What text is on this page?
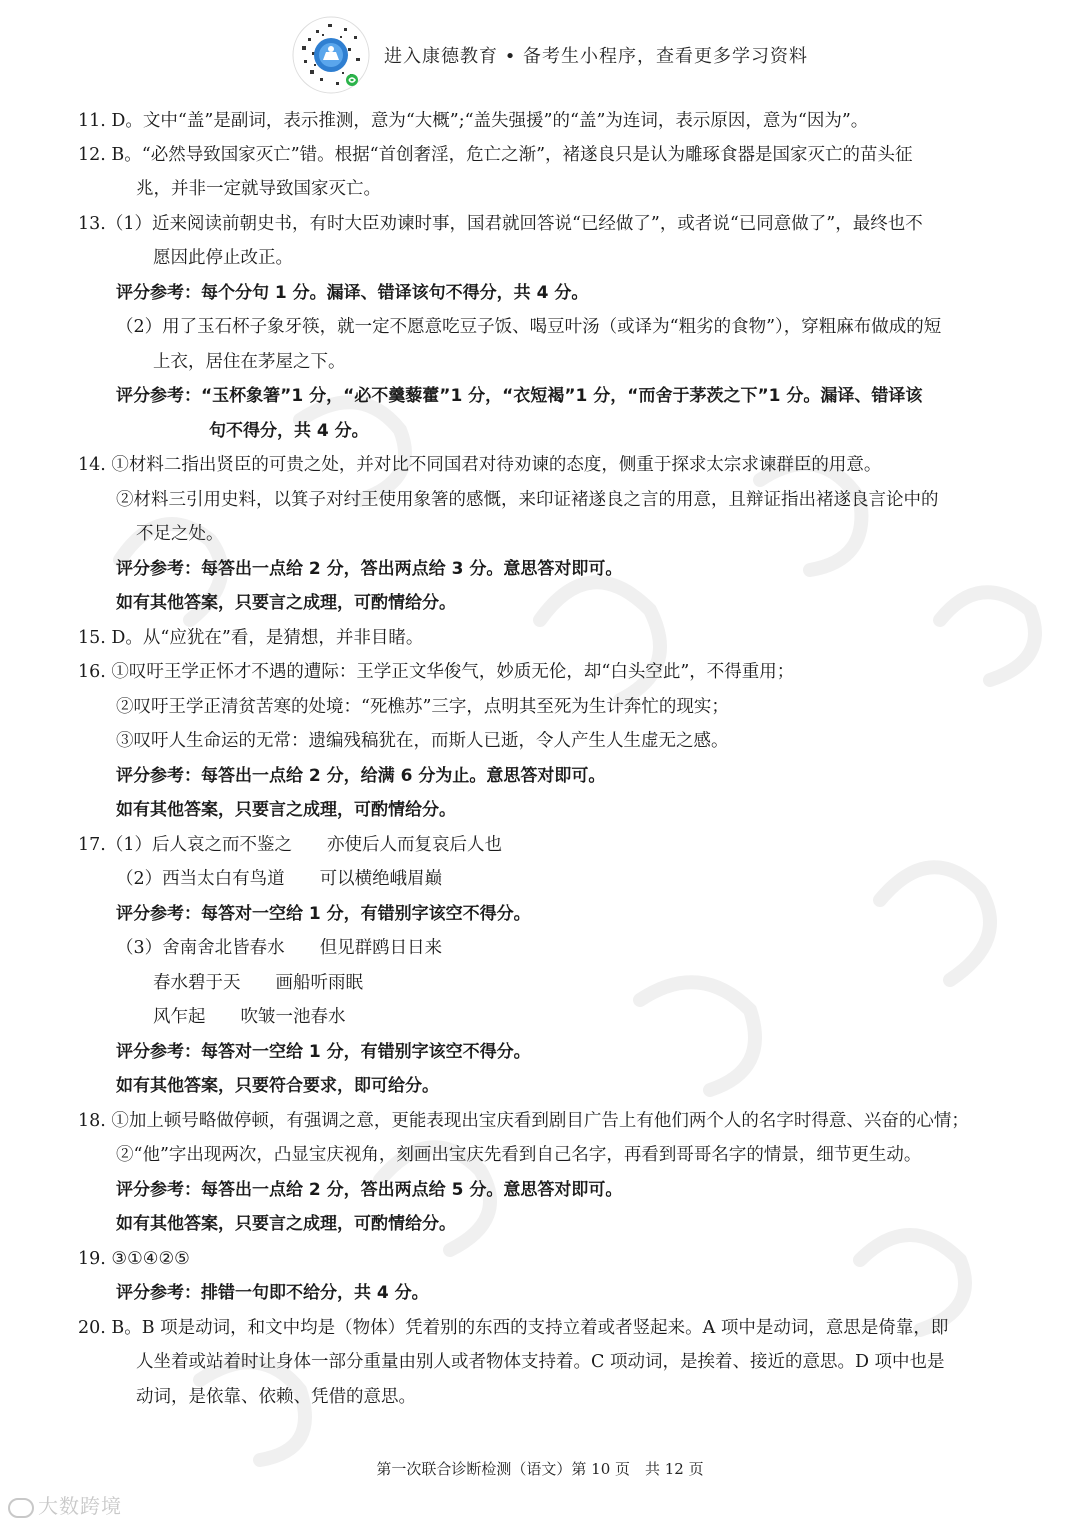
进入康德教育 • 备考生小程序，查看更多学习资料
11. D。文中“盖”是副词，表示推测，意为“大概”;“盖失强援”的“盖”为连词，表示原因，意为“因为”。
12. B。“必然导致国家灭亡”错。根据“首创奢淫，危亡之渐”，褚遂良只是认为雕琢食器是国家灭亡的苗头征
兆，并非一定就导致国家灭亡。
13.（1）近来阅读前朝史书，有时大臣劝谏时事，国君就回答说“已经做了”，或者说“已同意做了”，最终也不
愿因此停止改正。
评分参考：每个分句 1 分。漏译、错译该句不得分，共 4 分。
（2）用了玉石杯子象牙筷，就一定不愿意吃豆子饭、喝豆叶汤（或译为“粗劣的食物”），穿粗麻布做成的短
上衣，居住在茅屋之下。
评分参考：“玉杯象箸”1 分，“必不羹藜藿”1 分，“衣短褐”1 分，“而舍于茅茨之下”1 分。漏译、错译该
句不得分，共 4 分。
14. ①材料二指出贤臣的可贵之处，并对比不同国君对待劝谏的态度，侧重于探求太宗求谏群臣的用意。
②材料三引用史料，以箕子对纣王使用象箸的感慨，来印证褚遂良之言的用意，且辩证指出褚遂良言论中的
不足之处。
评分参考：每答出一点给 2 分，答出两点给 3 分。意思答对即可。
如有其他答案，只要言之成理，可酌情给分。
15. D。从“应犹在”看，是猜想，并非目睹。
16. ①叹吁王学正怀才不遇的遭际：王学正文华俊气，妙质无伦，却“白头空此”，不得重用；
②叹吁王学正清贫苦寒的处境：“死樵苏”三字，点明其至死为生计奔忙的现实；
③叹吁人生命运的无常：遗编残稿犹在，而斯人已逝，令人产生人生虚无之感。
评分参考：每答出一点给 2 分，给满 6 分为止。意思答对即可。
如有其他答案，只要言之成理，可酌情给分。
17.（1）后人哀之而不鉴之　　亦使后人而复哀后人也
（2）西当太白有鸟道　　可以横绝峨眉巅
评分参考：每答对一空给 1 分，有错别字该空不得分。
（3）舍南舍北皆春水　　但见群鸥日日来
春水碧于天　　画船听雨眠
风乍起　　吹皱一池春水
评分参考：每答对一空给 1 分，有错别字该空不得分。
如有其他答案，只要符合要求，即可给分。
18. ①加上顿号略做停顿，有强调之意，更能表现出宝庆看到剧目广告上有他们两个人的名字时得意、兴奋的心情；
②“他”字出现两次，凸显宝庆视角，刻画出宝庆先看到自己名字，再看到哥哥名字的情景，细节更生动。
评分参考：每答出一点给 2 分，答出两点给 5 分。意思答对即可。
如有其他答案，只要言之成理，可酌情给分。
19. ③①④②⑤
评分参考：排错一句即不给分，共 4 分。
20. B。B 项是动词，和文中均是（物体）凭着别的东西的支持立着或者竖起来。A 项中是动词，意思是倚靠，即
人坐着或站着时让身体一部分重量由别人或者物体支持着。C 项动词，是挨着、接近的意思。D 项中也是
动词，是依靠、依赖、凭借的意思。
第一次联合诊断检测（语文）第 10 页　共 12 页
大数跨境
